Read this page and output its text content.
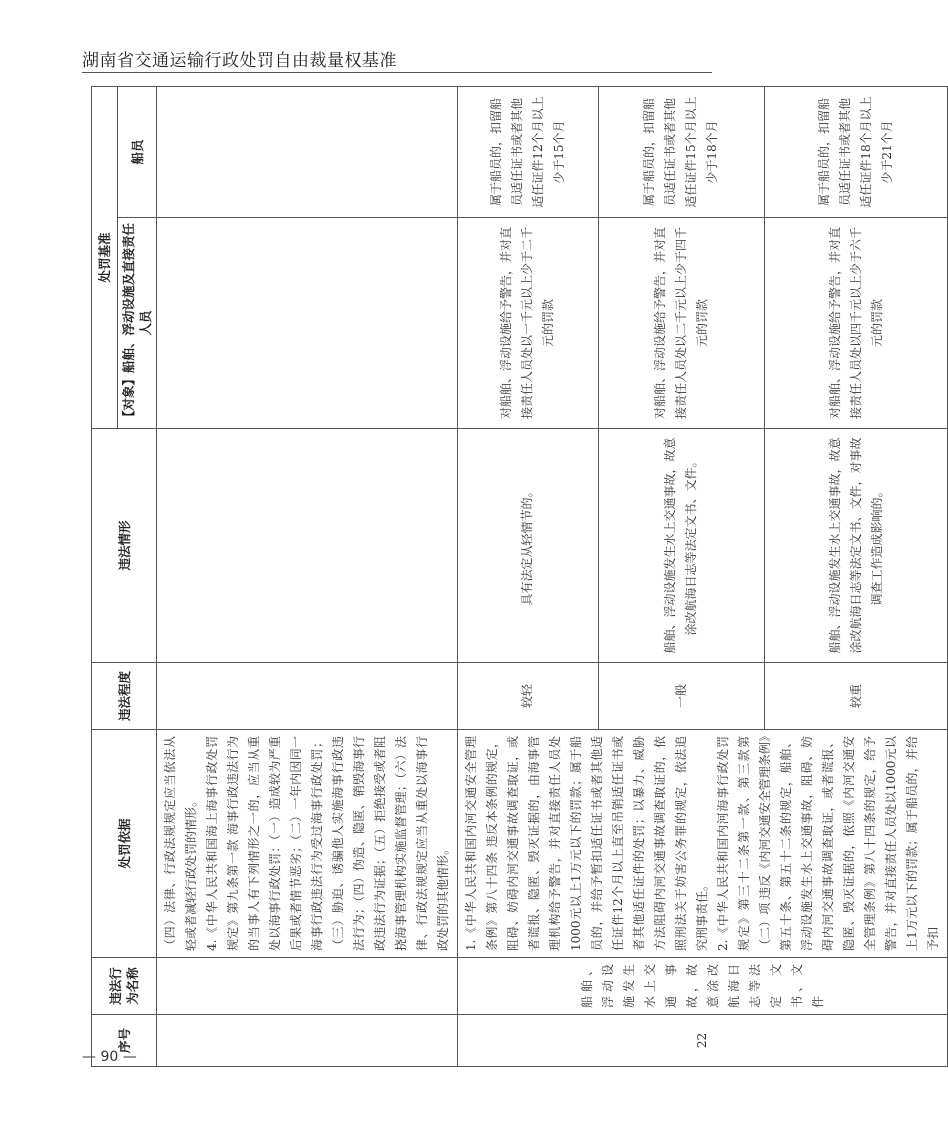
湖南省交通运输行政处罚自由裁量权基准
序号	违法行为名称	处罚依据	违法程度	违法情形	处罚基准	
					【对象】船舶、浮动设施及直接责任人员	船员

		（四）法律、行政法规规定应当依法从轻或者减轻行政处罚的情形。 4.《中华人民共和国海上海事行政处罚规定》第九条第一款 海事行政违法行为的当事人有下列情形之一的，应当从重处以海事行政处罚：（一）造成较为严重后果或者情节恶劣；（二）一年内因同一海事行政违法行为受过海事行政处罚；（三）胁迫、诱骗他人实施海事行政违法行为；（四）伪造、隐匿、销毁海事行政违法行为证据；（五）拒绝接受或者阻挠海事管理机构实施监督管理；（六）法律、行政法规规定应当从重处以海事行政处罚的其他情形。				

22	船舶、浮动设施发生水上交通事故，故意涂改航海日志等法定文书、文件	1.《中华人民共和国内河交通安全管理条例》第八十四条 违反本条例的规定，阻碍、妨碍内河交通事故调查取证，或者谎报、隐匿、毁灭证据的，由海事管理机构给予警告，并对直接责任人员处1000元以上1万元以下的罚款；属于船员的，并给予暂扣适任证书或者其他适任证件12个月以上直至吊销适任证书或者其他适任证件的处罚；以暴力、威胁方法阻碍内河交通事故调查取证的，依照刑法关于妨害公务罪的规定，依法追究刑事责任。 2.《中华人民共和国内河海事行政处罚规定》第三十二条第一款、第三款第（二）项 违反《内河交通安全管理条例》第五十条、第五十二条的规定，船舶、浮动设施发生水上交通事故，阻碍、妨碍内河交通事故调查取证，或者谎报、隐匿、毁灭证据的，依照《内河交通安全管理条例》第八十四条的规定，给予警告，并对直接责任人员处以1000元以上1万元以下的罚款；属于船员的，并给予扣	较轻	具有法定从轻情节的。	对船舶、浮动设施给予警告，并对直接责任人员处以一千元以上少于二千元的罚款	属于船员的，扣留船员适任证书或者其他适任证件12个月以上少于15个月
			一般	船舶、浮动设施发生水上交通事故，故意涂改航海日志等法定文书、文件。	对船舶、浮动设施给予警告，并对直接责任人员处以二千元以上少于四千元的罚款	属于船员的，扣留船员适任证书或者其他适任证件15个月以上少于18个月
			较重	船舶、浮动设施发生水上交通事故，故意涂改航海日志等法定文书、文件，对事故调查工作造成影响的。	对船舶、浮动设施给予警告，并对直接责任人员处以四千元以上少于六千元的罚款	属于船员的，扣留船员适任证书或者其他适任证件18个月以上少于21个月
— 90 —
